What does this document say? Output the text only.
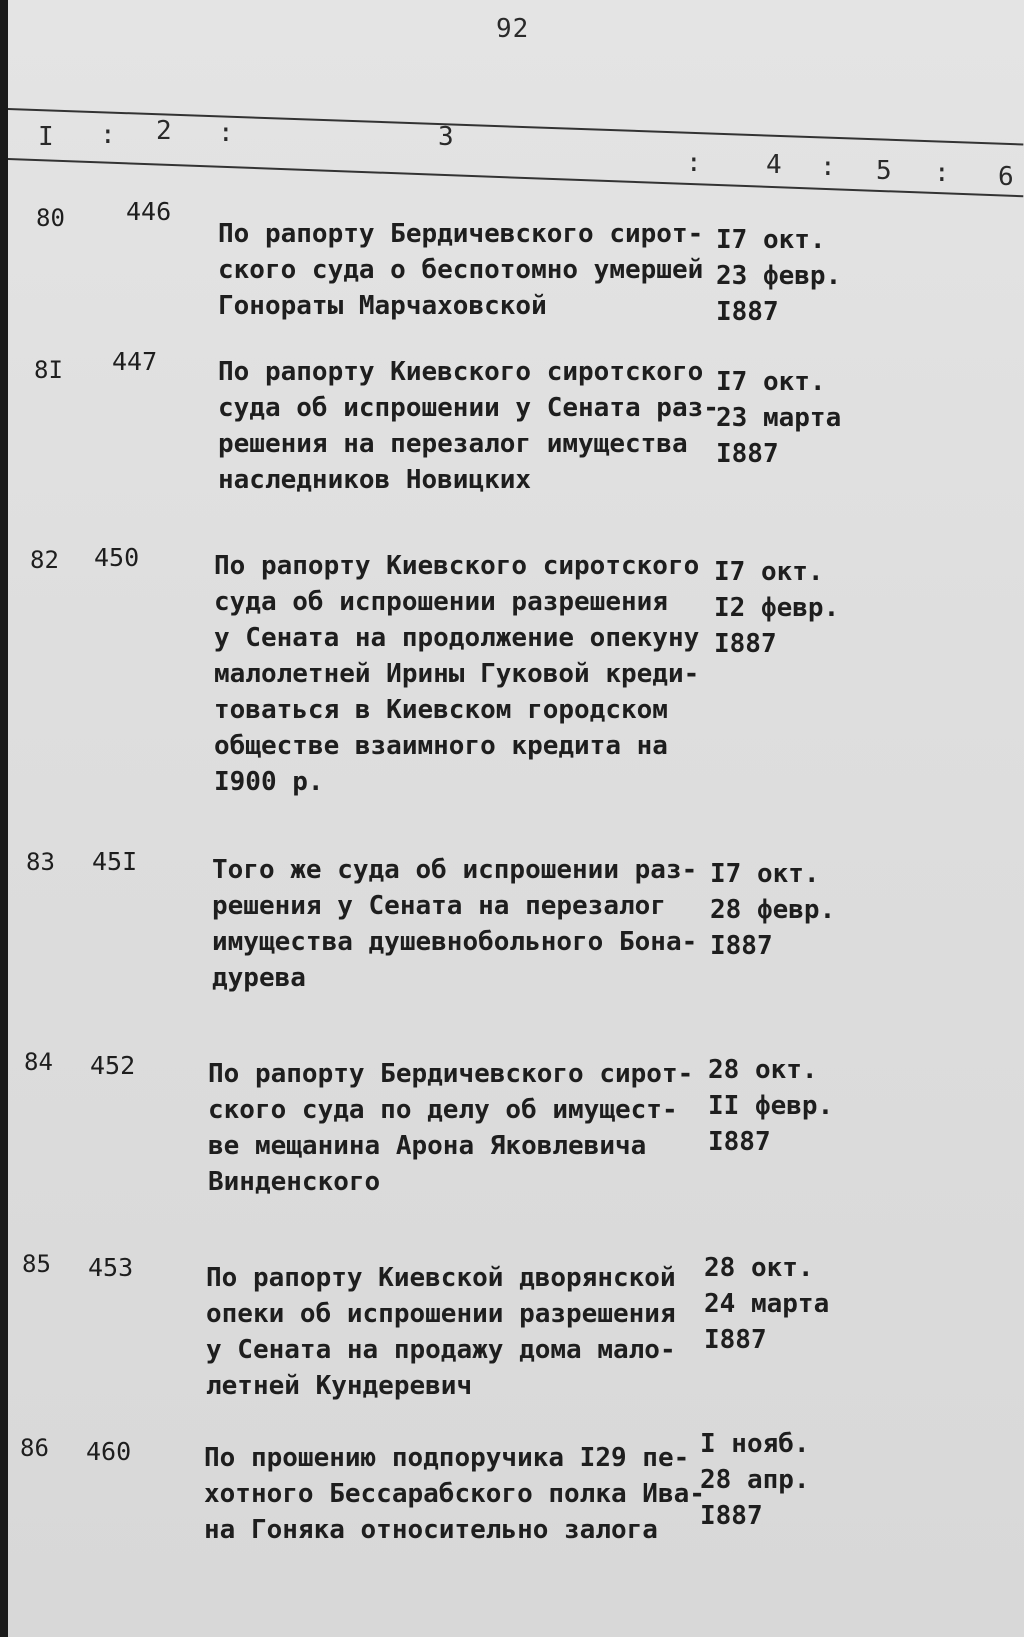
92
I : 2 :	3
: 4 : 5 : 6
80 446
По рапорту Бердичевского сирот-
ского суда о беспотомно умершей
Гонораты Марчаховской
I7 окт.
23 февр.
I887
8I 447 По рапорту Киевского сиротского
суда об испрошении у Сената раз-
решения на перезалог имущества
наследников Новицких
I7 окт.
23 марта
I887
82 450	По рапорту Киевского сиротского
суда об испрошении разрешения
у Сената на продолжение опекуну
малолетней Ирины Гуковой креди-
товаться в Киевском городском
обществе взаимного кредита на
I900 р.
I7 окт.
I2 февр.
I887
83 45I	Того же суда об испрошении раз-
решения у Сената на перезалог
имущества душевнобольного Бона-
дурева
I7 окт.
28 февр.
I887
84 452	По рапорту Бердичевского сирот-
ского суда по делу об имущест-
ве мещанина Арона Яковлевича
Винденского
28 окт.
II февр.
I887
85 453	По рапорту Киевской дворянской
опеки об испрошении разрешения
у Сената на продажу дома мало-
летней Кундеревич
28 окт.
24 марта
I887
86 460	По прошению подпоручика I29 пе-
хотного Бессарабского полка Ива-
на Гоняка относительно залога
I нояб.
28 апр.
I887
